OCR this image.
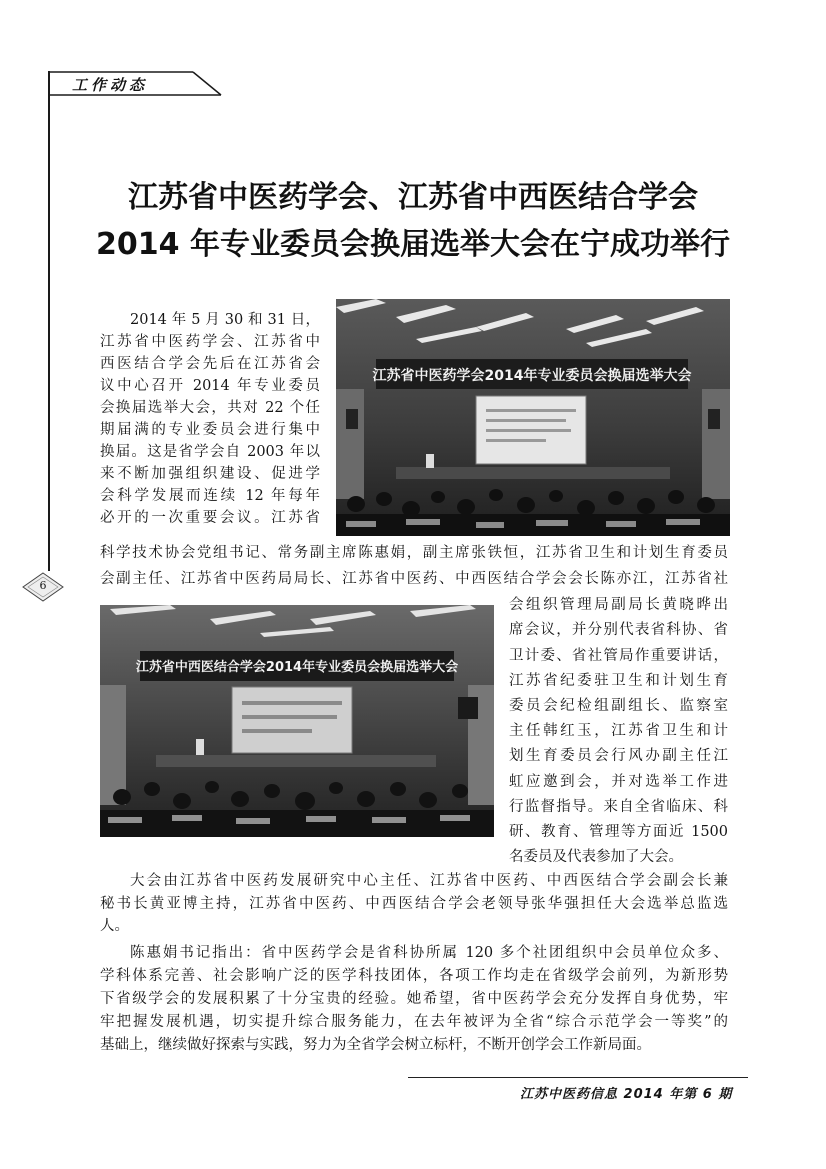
工作动态
6
江苏省中医药学会、江苏省中西医结合学会
2014 年专业委员会换届选举大会在宁成功举行
江苏省中医药学会2014年专业委员会换届选举大会
江苏省中西医结合学会2014年专业委员会换届选举大会
2014 年 5 月 30 和 31 日，
江苏省中医药学会、江苏省中
西医结合学会先后在江苏省会
议中心召开 2014 年专业委员
会换届选举大会，共对 22 个任
期届满的专业委员会进行集中
换届。这是省学会自 2003 年以
来不断加强组织建设、促进学
会科学发展而连续 12 年每年
必开的一次重要会议。江苏省
科学技术协会党组书记、常务副主席陈惠娟，副主席张铁恒，江苏省卫生和计划生育委员
会副主任、江苏省中医药局局长、江苏省中医药、中西医结合学会会长陈亦江，江苏省社
会组织管理局副局长黄晓晔出
席会议，并分别代表省科协、省
卫计委、省社管局作重要讲话，
江苏省纪委驻卫生和计划生育
委员会纪检组副组长、监察室
主任韩红玉，江苏省卫生和计
划生育委员会行风办副主任江
虹应邀到会，并对选举工作进
行监督指导。来自全省临床、科
研、教育、管理等方面近 1500
名委员及代表参加了大会。
大会由江苏省中医药发展研究中心主任、江苏省中医药、中西医结合学会副会长兼
秘书长黄亚博主持，江苏省中医药、中西医结合学会老领导张华强担任大会选举总监选
人。
陈惠娟书记指出：省中医药学会是省科协所属 120 多个社团组织中会员单位众多、
学科体系完善、社会影响广泛的医学科技团体，各项工作均走在省级学会前列，为新形势
下省级学会的发展积累了十分宝贵的经验。她希望，省中医药学会充分发挥自身优势，牢
牢把握发展机遇，切实提升综合服务能力，在去年被评为全省“综合示范学会一等奖”的
基础上，继续做好探索与实践，努力为全省学会树立标杆，不断开创学会工作新局面。
江苏中医药信息 2014 年第 6 期
